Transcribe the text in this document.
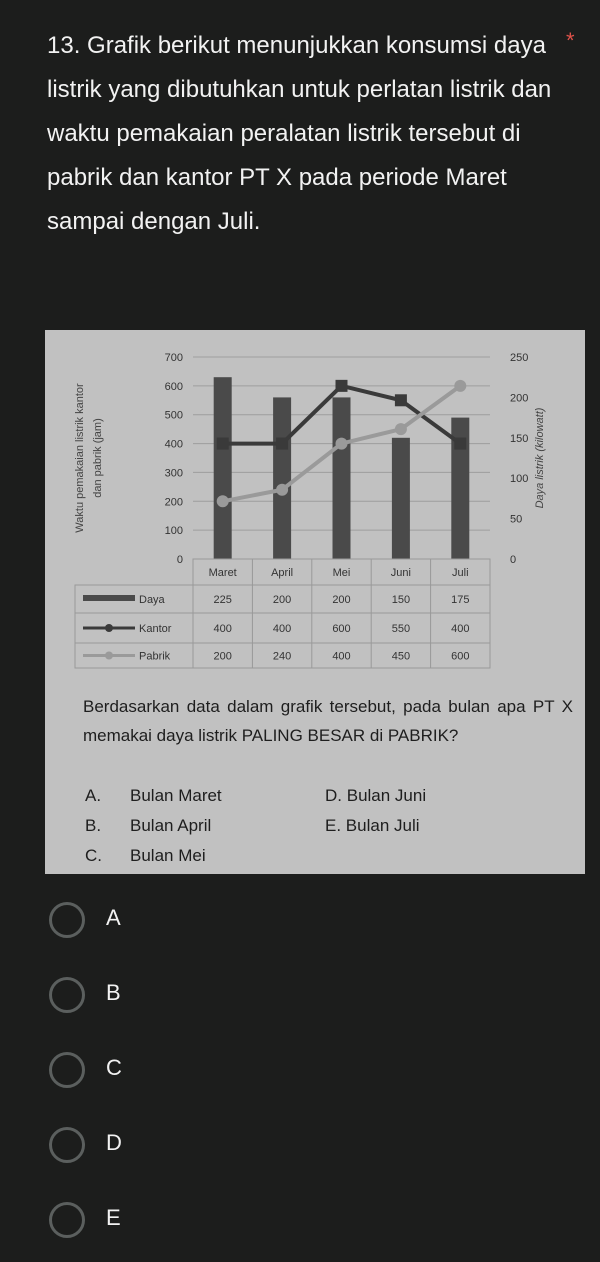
13. Grafik berikut menunjukkan konsumsi daya listrik yang dibutuhkan untuk perlatan listrik dan waktu pemakaian peralatan listrik tersebut di pabrik dan kantor PT X pada periode Maret sampai dengan Juli.
*
0
100
200
300
400
500
600
700
0
50
100
150
200
250
Waktu pemakaian listrik kantor dan pabrik (jam)	Daya listrik (kilowatt)
Maret	April	Mei	Juni	Juli
Daya	225	200	200	150	175
Kantor	400	400	600	550	400
Pabrik	200	240	400	450	600
Berdasarkan data dalam grafik tersebut, pada bulan apa PT X memakai daya listrik PALING BESAR di PABRIK?
A. Bulan Maret
B. Bulan April
C. Bulan Mei
D. Bulan Juni
E. Bulan Juli
A
B
C
D
E
